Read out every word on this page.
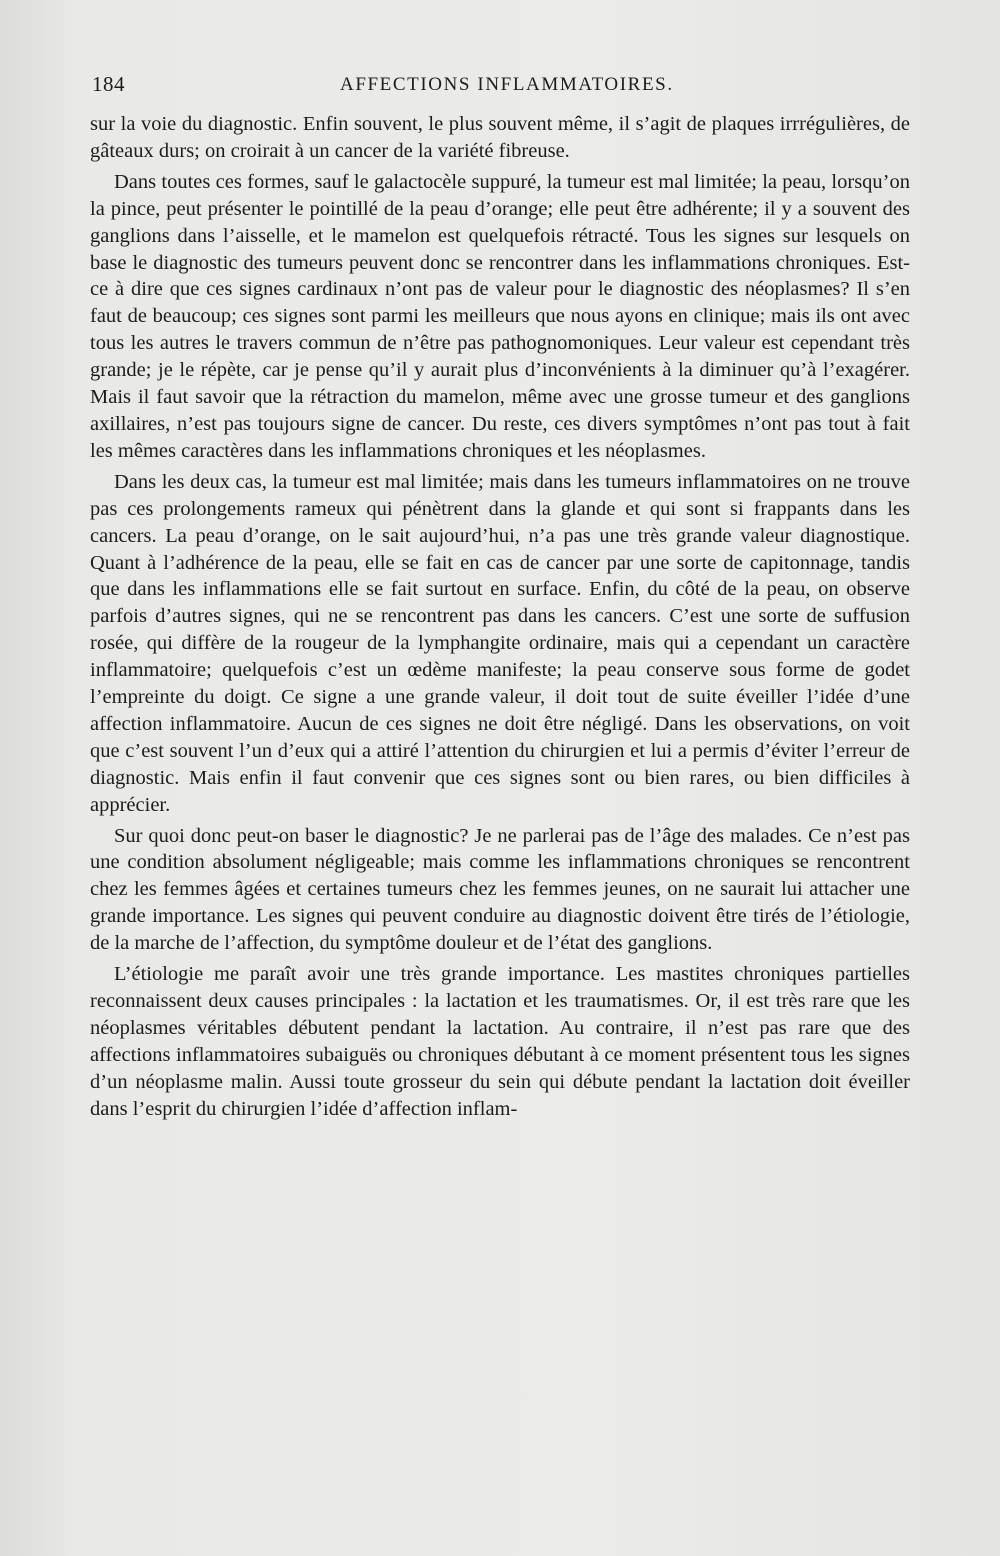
184	AFFECTIONS INFLAMMATOIRES.

sur la voie du diagnostic. Enfin souvent, le plus souvent même, il s’agit de plaques irrrégulières, de gâteaux durs; on croirait à un cancer de la variété fibreuse.

Dans toutes ces formes, sauf le galactocèle suppuré, la tumeur est mal limitée; la peau, lorsqu’on la pince, peut présenter le pointillé de la peau d’orange; elle peut être adhérente; il y a souvent des ganglions dans l’aisselle, et le mamelon est quelquefois rétracté. Tous les signes sur lesquels on base le diagnostic des tumeurs peuvent donc se rencontrer dans les inflammations chroniques. Est-ce à dire que ces signes cardinaux n’ont pas de valeur pour le diagnostic des néoplasmes? Il s’en faut de beaucoup; ces signes sont parmi les meilleurs que nous ayons en clinique; mais ils ont avec tous les autres le travers commun de n’être pas pathognomoniques. Leur valeur est cependant très grande; je le répète, car je pense qu’il y aurait plus d’inconvénients à la diminuer qu’à l’exagérer. Mais il faut savoir que la rétraction du mamelon, même avec une grosse tumeur et des ganglions axillaires, n’est pas toujours signe de cancer. Du reste, ces divers symptômes n’ont pas tout à fait les mêmes caractères dans les inflammations chroniques et les néoplasmes.

Dans les deux cas, la tumeur est mal limitée; mais dans les tumeurs inflammatoires on ne trouve pas ces prolongements rameux qui pénètrent dans la glande et qui sont si frappants dans les cancers. La peau d’orange, on le sait aujourd’hui, n’a pas une très grande valeur diagnostique. Quant à l’adhérence de la peau, elle se fait en cas de cancer par une sorte de capitonnage, tandis que dans les inflammations elle se fait surtout en surface. Enfin, du côté de la peau, on observe parfois d’autres signes, qui ne se rencontrent pas dans les cancers. C’est une sorte de suffusion rosée, qui diffère de la rougeur de la lymphangite ordinaire, mais qui a cependant un caractère inflammatoire; quelquefois c’est un œdème manifeste; la peau conserve sous forme de godet l’empreinte du doigt. Ce signe a une grande valeur, il doit tout de suite éveiller l’idée d’une affection inflammatoire. Aucun de ces signes ne doit être négligé. Dans les observations, on voit que c’est souvent l’un d’eux qui a attiré l’attention du chirurgien et lui a permis d’éviter l’erreur de diagnostic. Mais enfin il faut convenir que ces signes sont ou bien rares, ou bien difficiles à apprécier.

Sur quoi donc peut-on baser le diagnostic? Je ne parlerai pas de l’âge des malades. Ce n’est pas une condition absolument négligeable; mais comme les inflammations chroniques se rencontrent chez les femmes âgées et certaines tumeurs chez les femmes jeunes, on ne saurait lui attacher une grande importance. Les signes qui peuvent conduire au diagnostic doivent être tirés de l’étiologie, de la marche de l’affection, du symptôme douleur et de l’état des ganglions.

L’étiologie me paraît avoir une très grande importance. Les mastites chroniques partielles reconnaissent deux causes principales : la lactation et les traumatismes. Or, il est très rare que les néoplasmes véritables débutent pendant la lactation. Au contraire, il n’est pas rare que des affections inflammatoires subaiguës ou chroniques débutant à ce moment présentent tous les signes d’un néoplasme malin. Aussi toute grosseur du sein qui débute pendant la lactation doit éveiller dans l’esprit du chirurgien l’idée d’affection inflam-
